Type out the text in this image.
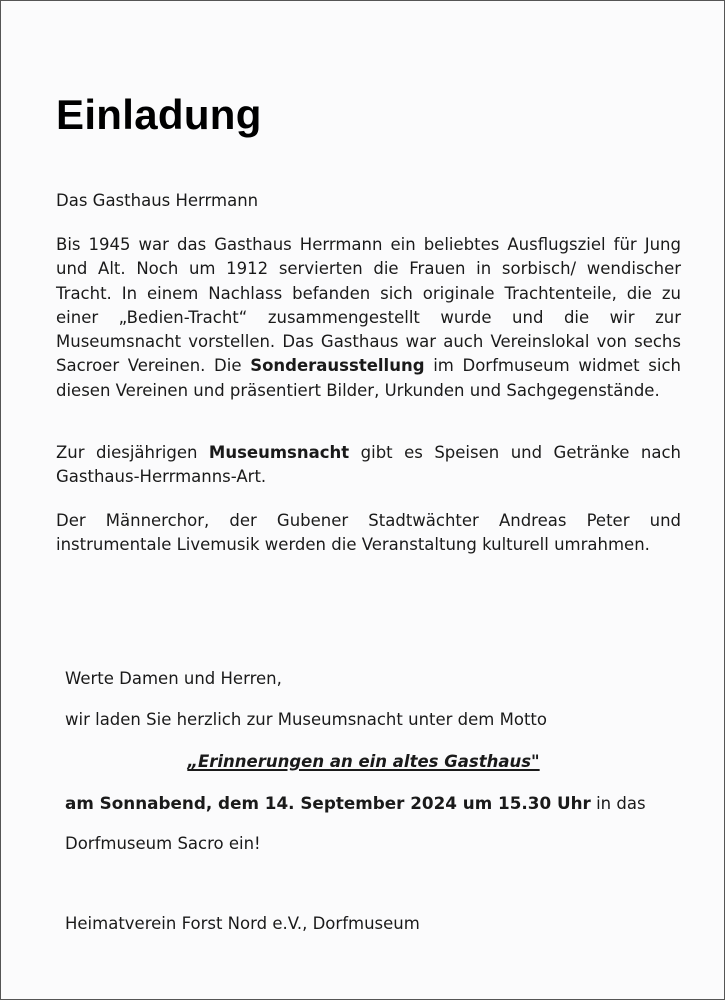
Einladung

Das Gasthaus Herrmann

Bis 1945 war das Gasthaus Herrmann ein beliebtes Ausflugsziel für Jung und Alt. Noch um 1912 servierten die Frauen in sorbisch/ wendischer Tracht. In einem Nachlass befanden sich originale Trachtenteile, die zu einer „Bedien-Tracht“ zusammengestellt wurde und die wir zur Museumsnacht vorstellen. Das Gasthaus war auch Vereinslokal von sechs Sacroer Vereinen. Die Sonderausstellung im Dorfmuseum widmet sich diesen Vereinen und präsentiert Bilder, Urkunden und Sachgegenstände.

Zur diesjährigen Museumsnacht gibt es Speisen und Getränke nach Gasthaus-Herrmanns-Art.

Der Männerchor, der Gubener Stadtwächter Andreas Peter und instrumentale Livemusik werden die Veranstaltung kulturell umrahmen.

Werte Damen und Herren,
wir laden Sie herzlich zur Museumsnacht unter dem Motto
„Erinnerungen an ein altes Gasthaus"
am Sonnabend, dem 14. September 2024 um 15.30 Uhr in das
Dorfmuseum Sacro ein!
Heimatverein Forst Nord e.V., Dorfmuseum
